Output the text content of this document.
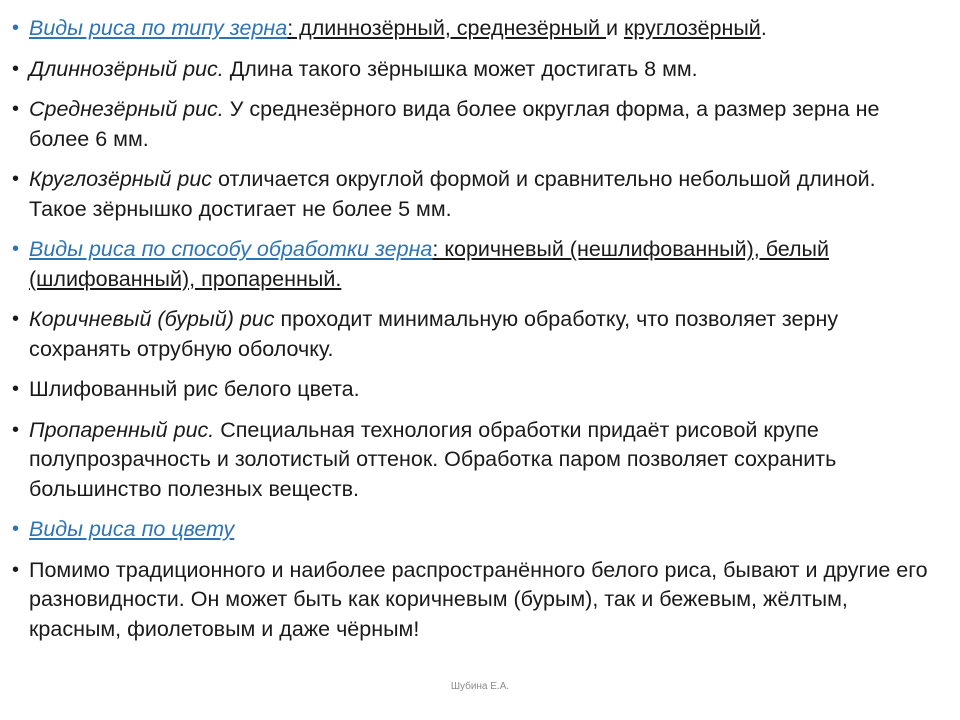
• Виды риса по типу зерна: длиннозёрный, среднезёрный и круглозёрный.
• Длиннозёрный рис. Длина такого зёрнышка может достигать 8 мм.
• Среднезёрный рис. У среднезёрного вида более округлая форма, а размер зерна не более 6 мм.
• Круглозёрный рис отличается округлой формой и сравнительно небольшой длиной. Такое зёрнышко достигает не более 5 мм.
• Виды риса по способу обработки зерна: коричневый (нешлифованный), белый (шлифованный), пропаренный.
• Коричневый (бурый) рис проходит минимальную обработку, что позволяет зерну сохранять отрубную оболочку.
• Шлифованный рис белого цвета.
• Пропаренный рис. Специальная технология обработки придаёт рисовой крупе полупрозрачность и золотистый оттенок. Обработка паром позволяет сохранить большинство полезных веществ.
• Виды риса по цвету
• Помимо традиционного и наиболее распространённого белого риса, бывают и другие его разновидности. Он может быть как коричневым (бурым), так и бежевым, жёлтым, красным, фиолетовым и даже чёрным!
Шубина Е.А.
